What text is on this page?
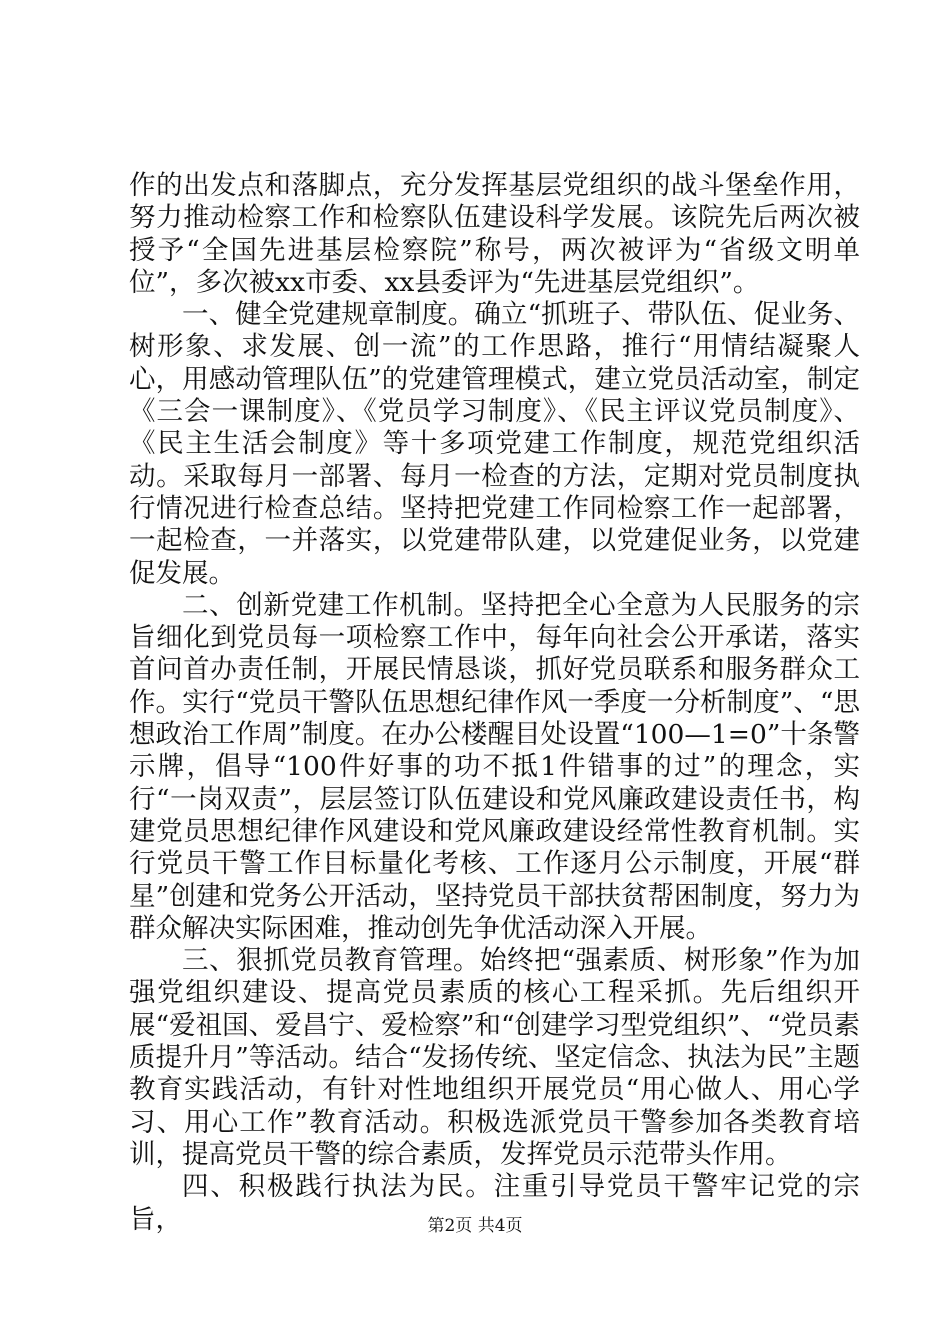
作的出发点和落脚点，充分发挥基层党组织的战斗堡垒作用，努力推动检察工作和检察队伍建设科学发展。该院先后两次被授予“全国先进基层检察院”称号，两次被评为“省级文明单位”，多次被xx市委、xx县委评为“先进基层党组织”。

一、健全党建规章制度。确立“抓班子、带队伍、促业务、树形象、求发展、创一流”的工作思路，推行“用情结凝聚人心，用感动管理队伍”的党建管理模式，建立党员活动室，制定《三会一课制度》、《党员学习制度》、《民主评议党员制度》、《民主生活会制度》等十多项党建工作制度，规范党组织活动。采取每月一部署、每月一检查的方法，定期对党员制度执行情况进行检查总结。坚持把党建工作同检察工作一起部署，一起检查，一并落实，以党建带队建，以党建促业务，以党建促发展。

二、创新党建工作机制。坚持把全心全意为人民服务的宗旨细化到党员每一项检察工作中，每年向社会公开承诺，落实首问首办责任制，开展民情恳谈，抓好党员联系和服务群众工作。实行“党员干警队伍思想纪律作风一季度一分析制度”、“思想政治工作周”制度。在办公楼醒目处设置“100—1=0”十条警示牌，倡导“100件好事的功不抵1件错事的过”的理念，实行“一岗双责”，层层签订队伍建设和党风廉政建设责任书，构建党员思想纪律作风建设和党风廉政建设经常性教育机制。实行党员干警工作目标量化考核、工作逐月公示制度，开展“群星”创建和党务公开活动，坚持党员干部扶贫帮困制度，努力为群众解决实际困难，推动创先争优活动深入开展。

三、狠抓党员教育管理。始终把“强素质、树形象”作为加强党组织建设、提高党员素质的核心工程采抓。先后组织开展“爱祖国、爱昌宁、爱检察”和“创建学习型党组织”、“党员素质提升月”等活动。结合“发扬传统、坚定信念、执法为民”主题教育实践活动，有针对性地组织开展党员“用心做人、用心学习、用心工作”教育活动。积极选派党员干警参加各类教育培训，提高党员干警的综合素质，发挥党员示范带头作用。

四、积极践行执法为民。注重引导党员干警牢记党的宗旨，	第2页 共4页
